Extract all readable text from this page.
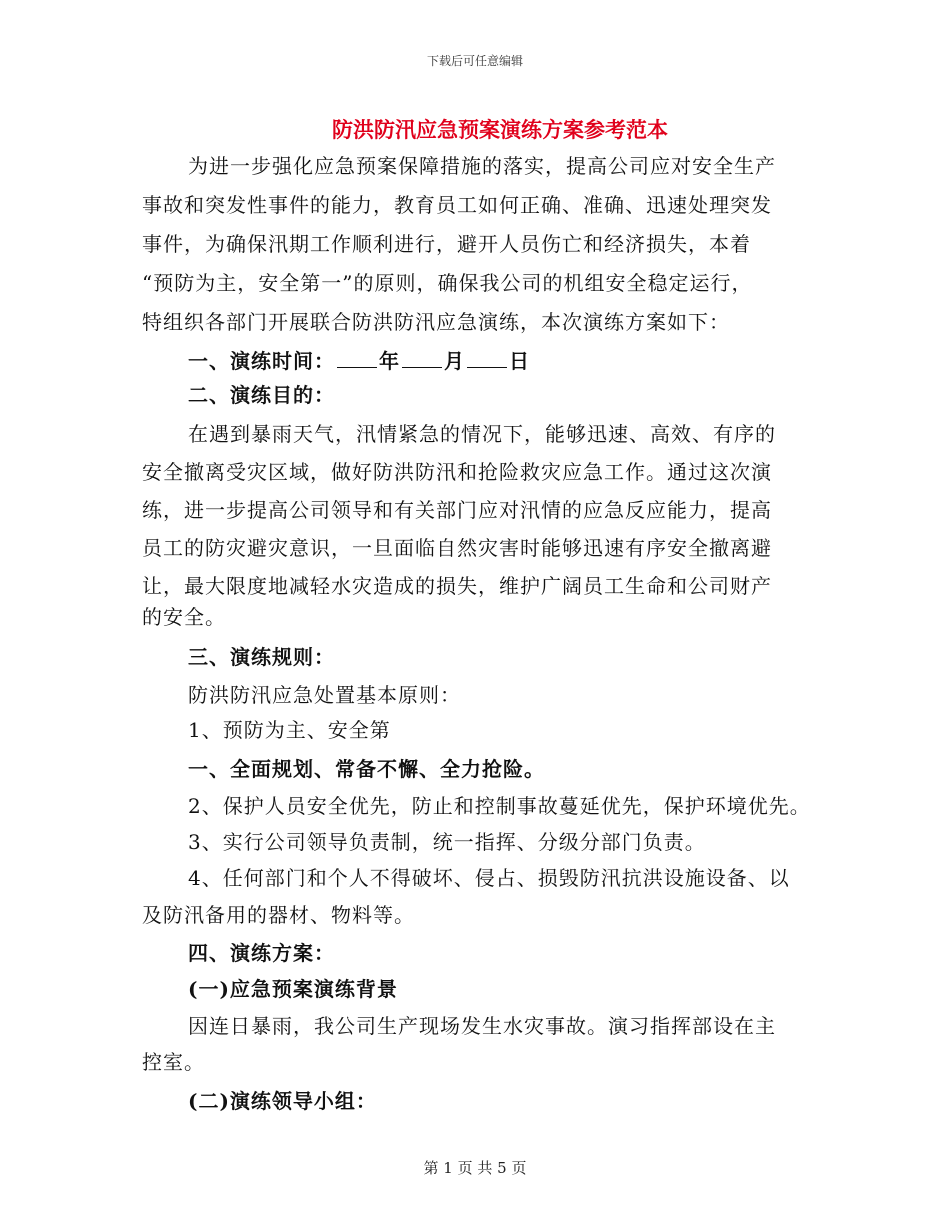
下载后可任意编辑
防洪防汛应急预案演练方案参考范本
为进一步强化应急预案保障措施的落实，提高公司应对安全生产
事故和突发性事件的能力，教育员工如何正确、准确、迅速处理突发
事件，为确保汛期工作顺利进行，避开人员伤亡和经济损失，本着
“预防为主，安全第一”的原则，确保我公司的机组安全稳定运行，
特组织各部门开展联合防洪防汛应急演练，本次演练方案如下：
一、演练时间： 年 月 日
二、演练目的：
在遇到暴雨天气，汛情紧急的情况下，能够迅速、高效、有序的
安全撤离受灾区域，做好防洪防汛和抢险救灾应急工作。通过这次演
练，进一步提高公司领导和有关部门应对汛情的应急反应能力，提高
员工的防灾避灾意识，一旦面临自然灾害时能够迅速有序安全撤离避
让，最大限度地减轻水灾造成的损失，维护广阔员工生命和公司财产
的安全。
三、演练规则：
防洪防汛应急处置基本原则：
1、预防为主、安全第
一、全面规划、常备不懈、全力抢险。
2、保护人员安全优先，防止和控制事故蔓延优先，保护环境优先。
3、实行公司领导负责制，统一指挥、分级分部门负责。
4、任何部门和个人不得破坏、侵占、损毁防汛抗洪设施设备、以
及防汛备用的器材、物料等。
四、演练方案：
(一)应急预案演练背景
因连日暴雨，我公司生产现场发生水灾事故。演习指挥部设在主
控室。
(二)演练领导小组：
第 1 页 共 5 页
